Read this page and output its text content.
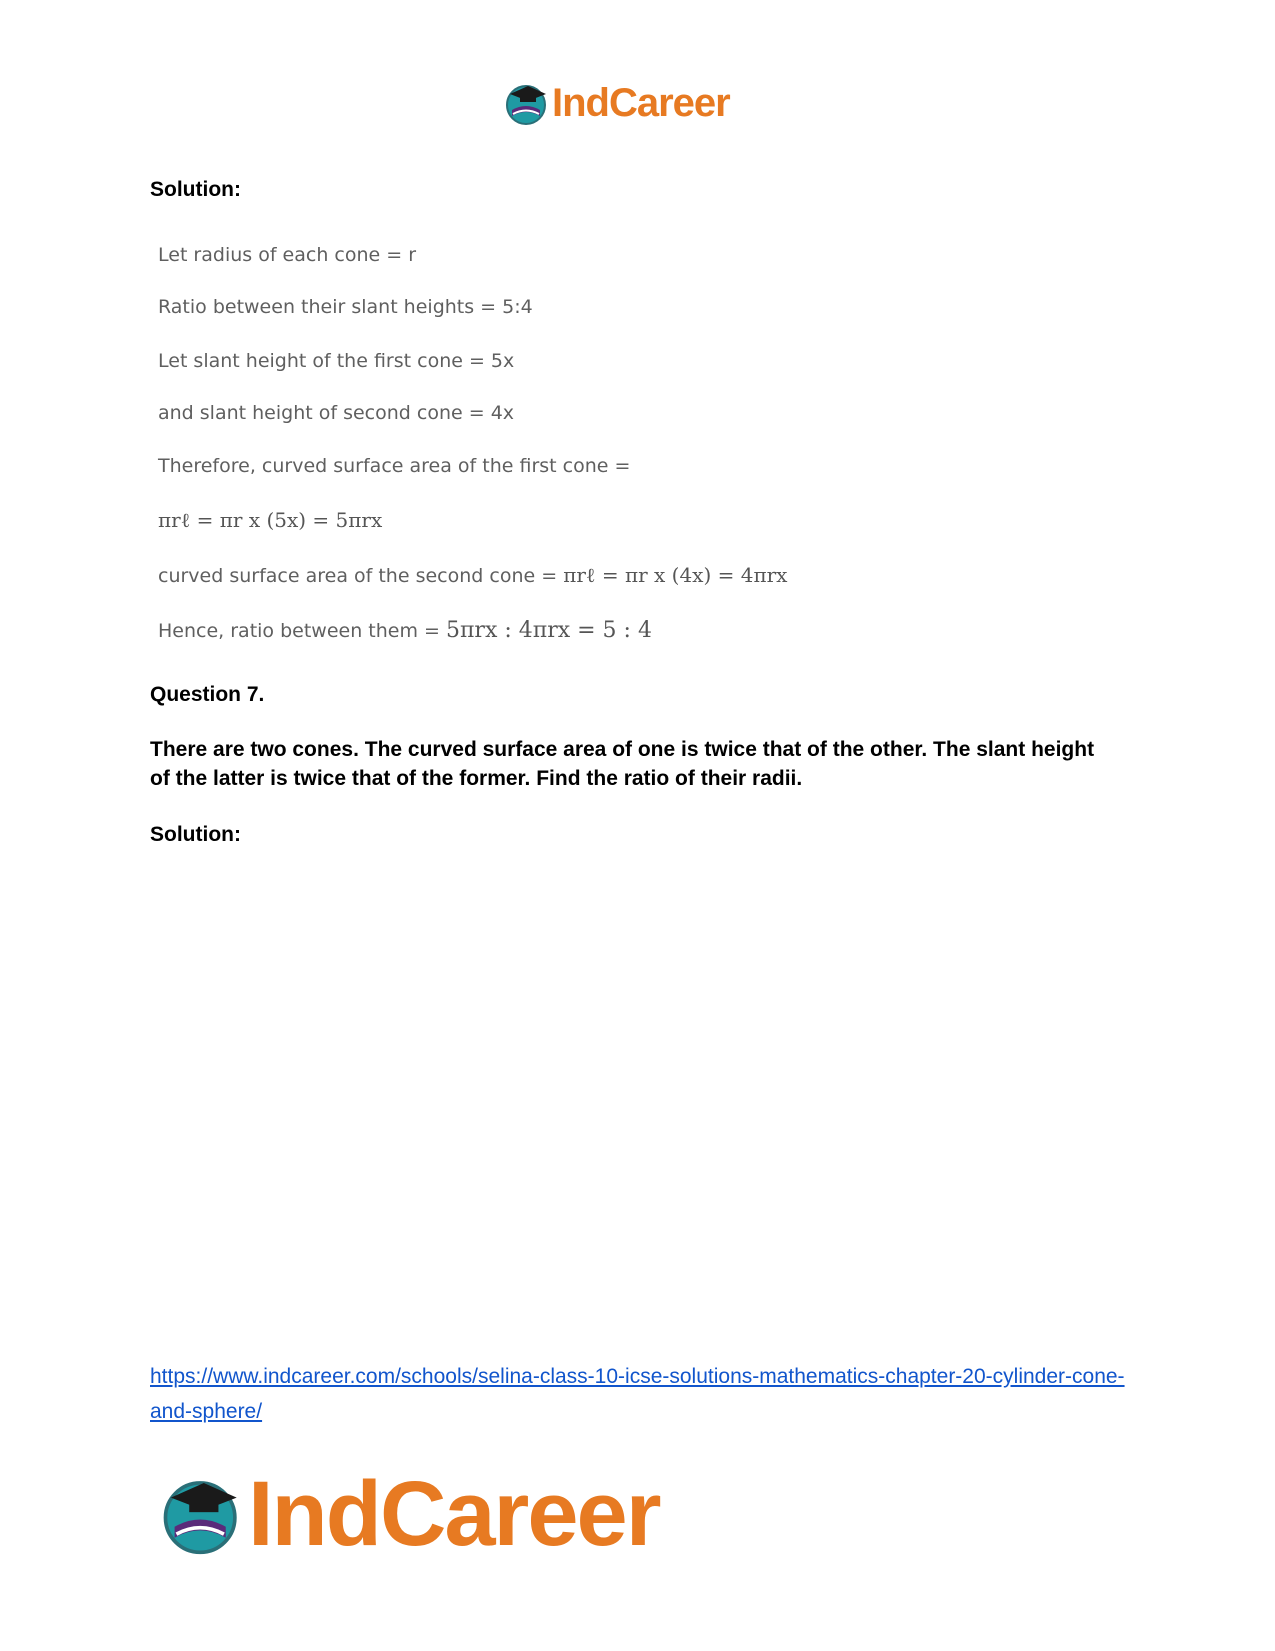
IndCareer
Solution:
Let radius of each cone = r
Ratio between their slant heights = 5:4
Let slant height of the first cone = 5x
and slant height of second cone = 4x
Therefore, curved surface area of the first cone =
πrℓ = πr x (5x) = 5πrx
curved surface area of the second cone = πrℓ = πr x (4x) = 4πrx
Hence, ratio between them = 5πrx : 4πrx = 5 : 4
Question 7.
There are two cones. The curved surface area of one is twice that of the other. The slant height of the latter is twice that of the former. Find the ratio of their radii.
Solution:
https://www.indcareer.com/schools/selina-class-10-icse-solutions-mathematics-chapter-20-cylinder-cone-and-sphere/
IndCareer
